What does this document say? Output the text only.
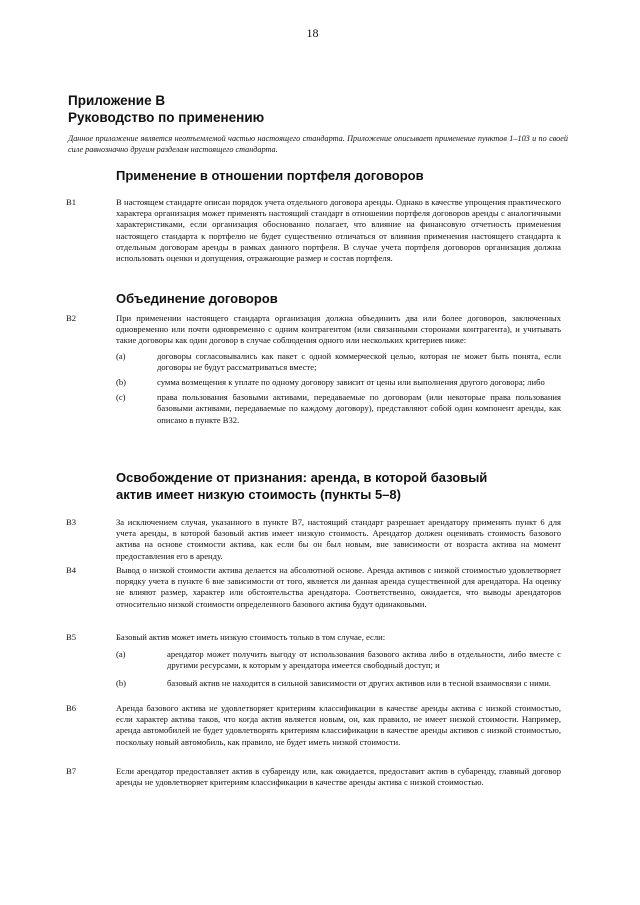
18
Приложение В
Руководство по применению
Данное приложение является неотъемлемой частью настоящего стандарта. Приложение описывает применение пунктов 1–103 и по своей силе равнозначно другим разделам настоящего стандарта.
Применение в отношении портфеля договоров
B1	В настоящем стандарте описан порядок учета отдельного договора аренды. Однако в качестве упрощения практического характера организация может применять настоящий стандарт в отношении портфеля договоров аренды с аналогичными характеристиками, если организация обоснованно полагает, что влияние на финансовую отчетность применения настоящего стандарта к портфелю не будет существенно отличаться от влияния применения настоящего стандарта к отдельным договорам аренды в рамках данного портфеля. В случае учета портфеля договоров организация должна использовать оценки и допущения, отражающие размер и состав портфеля.
Объединение договоров
B2	При применении настоящего стандарта организация должна объединить два или более договоров, заключенных одновременно или почти одновременно с одним контрагентом (или связанными сторонами контрагента), и учитывать такие договоры как один договор в случае соблюдения одного или нескольких критериев ниже:
(a)	договоры согласовывались как пакет с одной коммерческой целью, которая не может быть понята, если договоры не будут рассматриваться вместе;
(b)	сумма возмещения к уплате по одному договору зависит от цены или выполнения другого договора; либо
(c)	права пользования базовыми активами, передаваемые по договорам (или некоторые права пользования базовыми активами, передаваемые по каждому договору), представляют собой один компонент аренды, как описано в пункте B32.
Освобождение от признания: аренда, в которой базовый актив имеет низкую стоимость (пункты 5–8)
B3	За исключением случая, указанного в пункте B7, настоящий стандарт разрешает арендатору применять пункт 6 для учета аренды, в которой базовый актив имеет низкую стоимость. Арендатор должен оценивать стоимость базового актива на основе стоимости актива, как если бы он был новым, вне зависимости от возраста актива на момент предоставления его в аренду.
B4	Вывод о низкой стоимости актива делается на абсолютной основе. Аренда активов с низкой стоимостью удовлетворяет порядку учета в пункте 6 вне зависимости от того, является ли данная аренда существенной для арендатора. На оценку не влияют размер, характер или обстоятельства арендатора. Соответственно, ожидается, что выводы арендаторов относительно низкой стоимости определенного базового актива будут одинаковыми.
B5	Базовый актив может иметь низкую стоимость только в том случае, если:
(a)	арендатор может получить выгоду от использования базового актива либо в отдельности, либо вместе с другими ресурсами, к которым у арендатора имеется свободный доступ; и
(b)	базовый актив не находится в сильной зависимости от других активов или в тесной взаимосвязи с ними.
B6	Аренда базового актива не удовлетворяет критериям классификации в качестве аренды актива с низкой стоимостью, если характер актива таков, что когда актив является новым, он, как правило, не имеет низкой стоимости. Например, аренда автомобилей не будет удовлетворять критериям классификации в качестве аренды активов с низкой стоимостью, поскольку новый автомобиль, как правило, не будет иметь низкой стоимости.
B7	Если арендатор предоставляет актив в субаренду или, как ожидается, предоставит актив в субаренду, главный договор аренды не удовлетворяет критериям классификации в качестве аренды актива с низкой стоимостью.
